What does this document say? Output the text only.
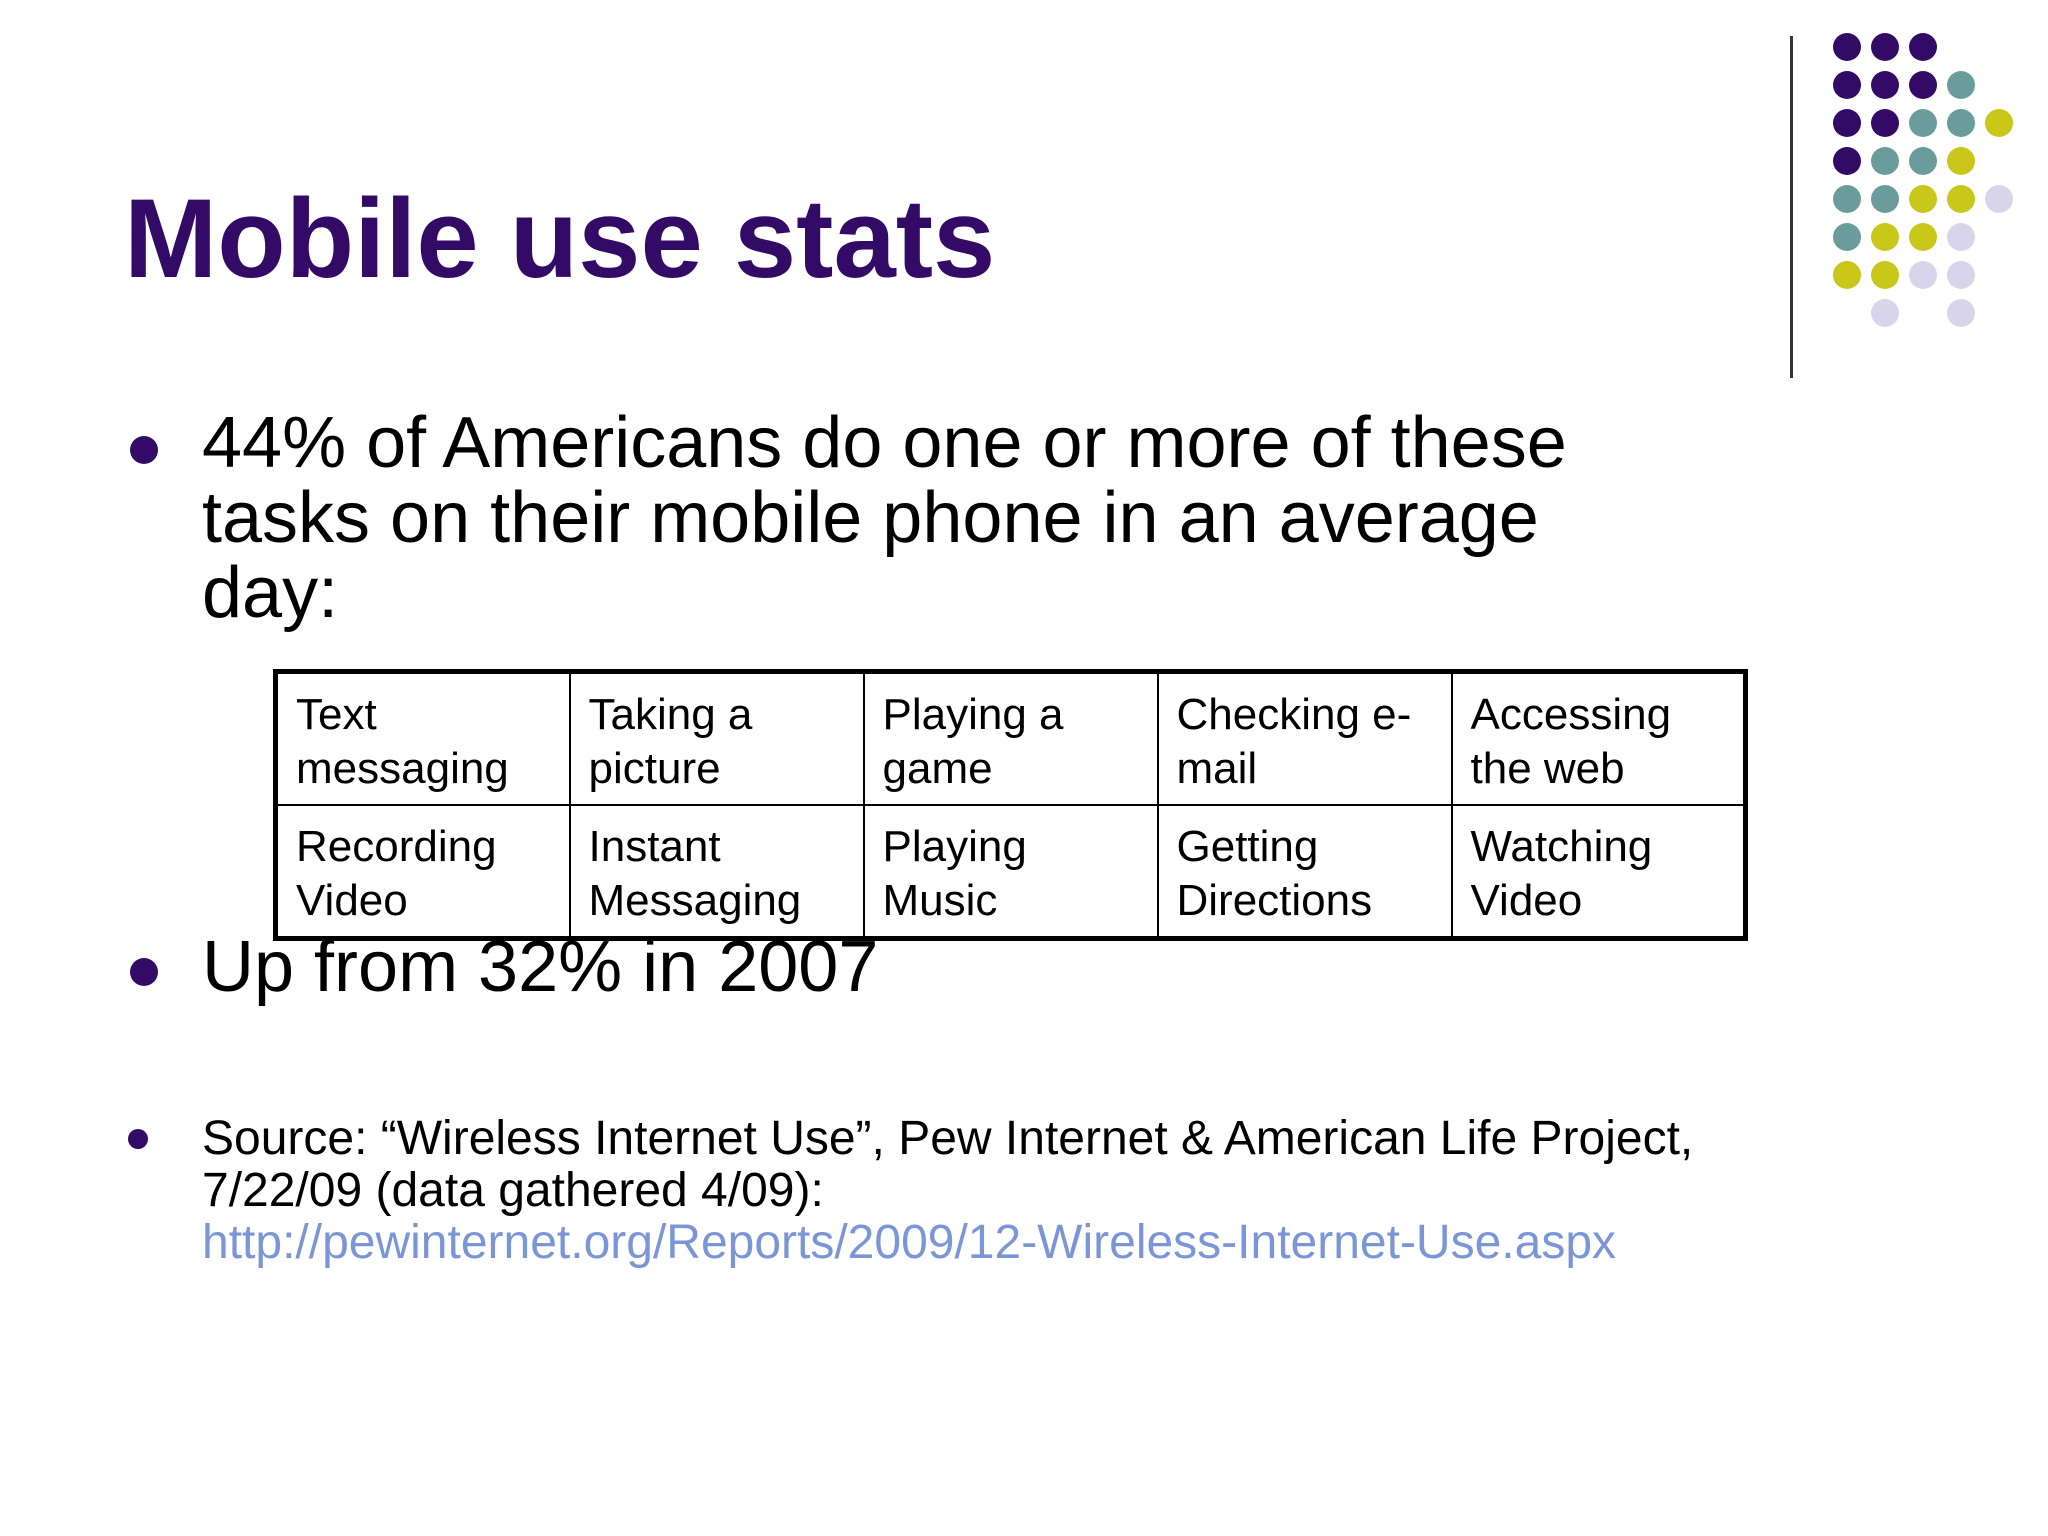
Mobile use stats
44% of Americans do one or more of these tasks on their mobile phone in an average day:
Text messaging	Taking a picture	Playing a game	Checking e-mail	Accessing the web
Recording Video	Instant Messaging	Playing Music	Getting Directions	Watching Video
Up from 32% in 2007
Source: “Wireless Internet Use”, Pew Internet & American Life Project, 7/22/09 (data gathered 4/09):
http://pewinternet.org/Reports/2009/12-Wireless-Internet-Use.aspx
